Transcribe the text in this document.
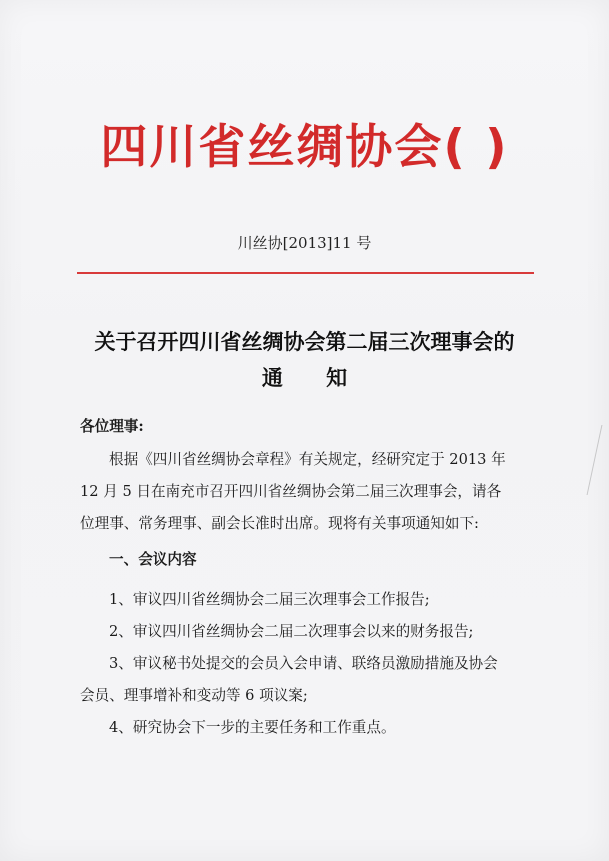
四川省丝绸协会( )
川丝协[2013]11 号
关于召开四川省丝绸协会第二届三次理事会的
通 知
各位理事:
根据《四川省丝绸协会章程》有关规定，经研究定于 2013 年
12 月 5 日在南充市召开四川省丝绸协会第二届三次理事会，请各
位理事、常务理事、副会长准时出席。现将有关事项通知如下:
一、会议内容
1、审议四川省丝绸协会二届三次理事会工作报告;
2、审议四川省丝绸协会二届二次理事会以来的财务报告;
3、审议秘书处提交的会员入会申请、联络员激励措施及协会
会员、理事增补和变动等 6 项议案;
4、研究协会下一步的主要任务和工作重点。
